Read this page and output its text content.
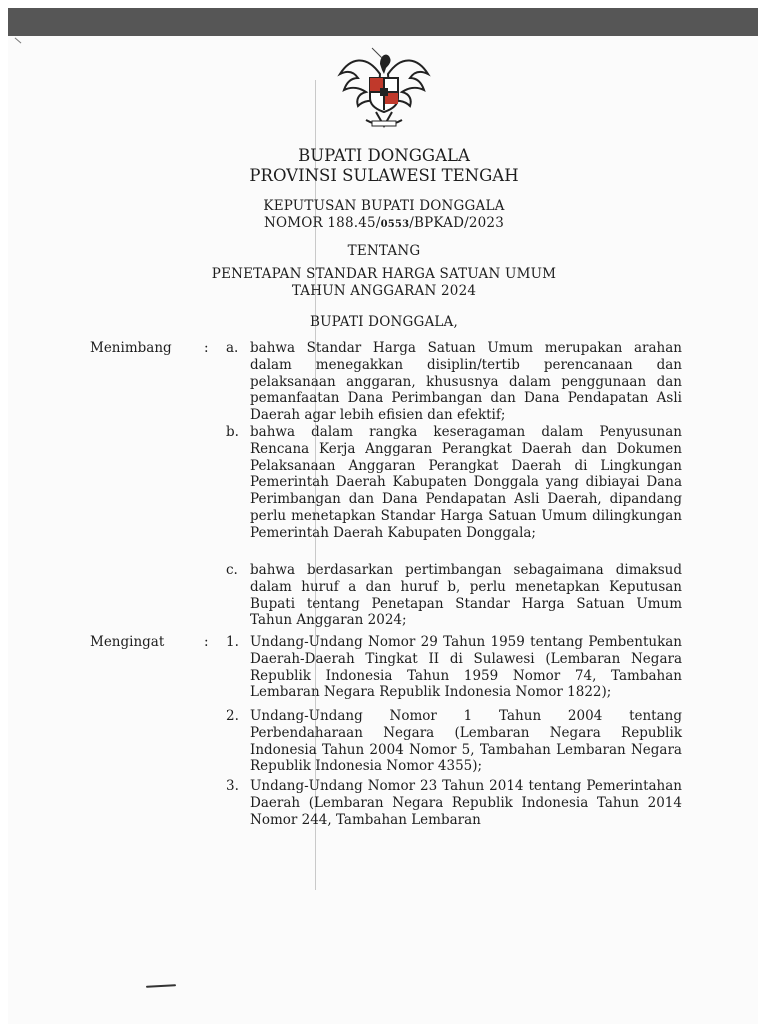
BUPATI DONGGALA
PROVINSI SULAWESI TENGAH
KEPUTUSAN BUPATI DONGGALA
NOMOR 188.45/0553/BPKAD/2023
TENTANG
PENETAPAN STANDAR HARGA SATUAN UMUM
TAHUN ANGGARAN 2024
BUPATI DONGGALA,
Menimbang : a. bahwa Standar Harga Satuan Umum merupakan arahan dalam menegakkan disiplin/tertib perencanaan dan pelaksanaan anggaran, khususnya dalam penggunaan dan pemanfaatan Dana Perimbangan dan Dana Pendapatan Asli Daerah agar lebih efisien dan efektif;

b. bahwa dalam rangka keseragaman dalam Penyusunan Rencana Kerja Anggaran Perangkat Daerah dan Dokumen Pelaksanaan Anggaran Perangkat Daerah di Lingkungan Pemerintah Daerah Kabupaten Donggala yang dibiayai Dana Perimbangan dan Dana Pendapatan Asli Daerah, dipandang perlu menetapkan Standar Harga Satuan Umum dilingkungan Pemerintah Daerah Kabupaten Donggala;

c. bahwa berdasarkan pertimbangan sebagaimana dimaksud dalam huruf a dan huruf b, perlu menetapkan Keputusan Bupati tentang Penetapan Standar Harga Satuan Umum Tahun Anggaran 2024;

Mengingat	: 1. Undang-Undang Nomor 29 Tahun 1959 tentang Pembentukan Daerah-Daerah Tingkat II di Sulawesi (Lembaran Negara Republik Indonesia Tahun 1959 Nomor 74, Tambahan Lembaran Negara Republik Indonesia Nomor 1822);

2. Undang-Undang Nomor 1 Tahun 2004 tentang Perbendaharaan Negara (Lembaran Negara Republik Indonesia Tahun 2004 Nomor 5, Tambahan Lembaran Negara Republik Indonesia Nomor 4355);

3. Undang-Undang Nomor 23 Tahun 2014 tentang Pemerintahan Daerah (Lembaran Negara Republik Indonesia Tahun 2014 Nomor 244, Tambahan Lembaran
